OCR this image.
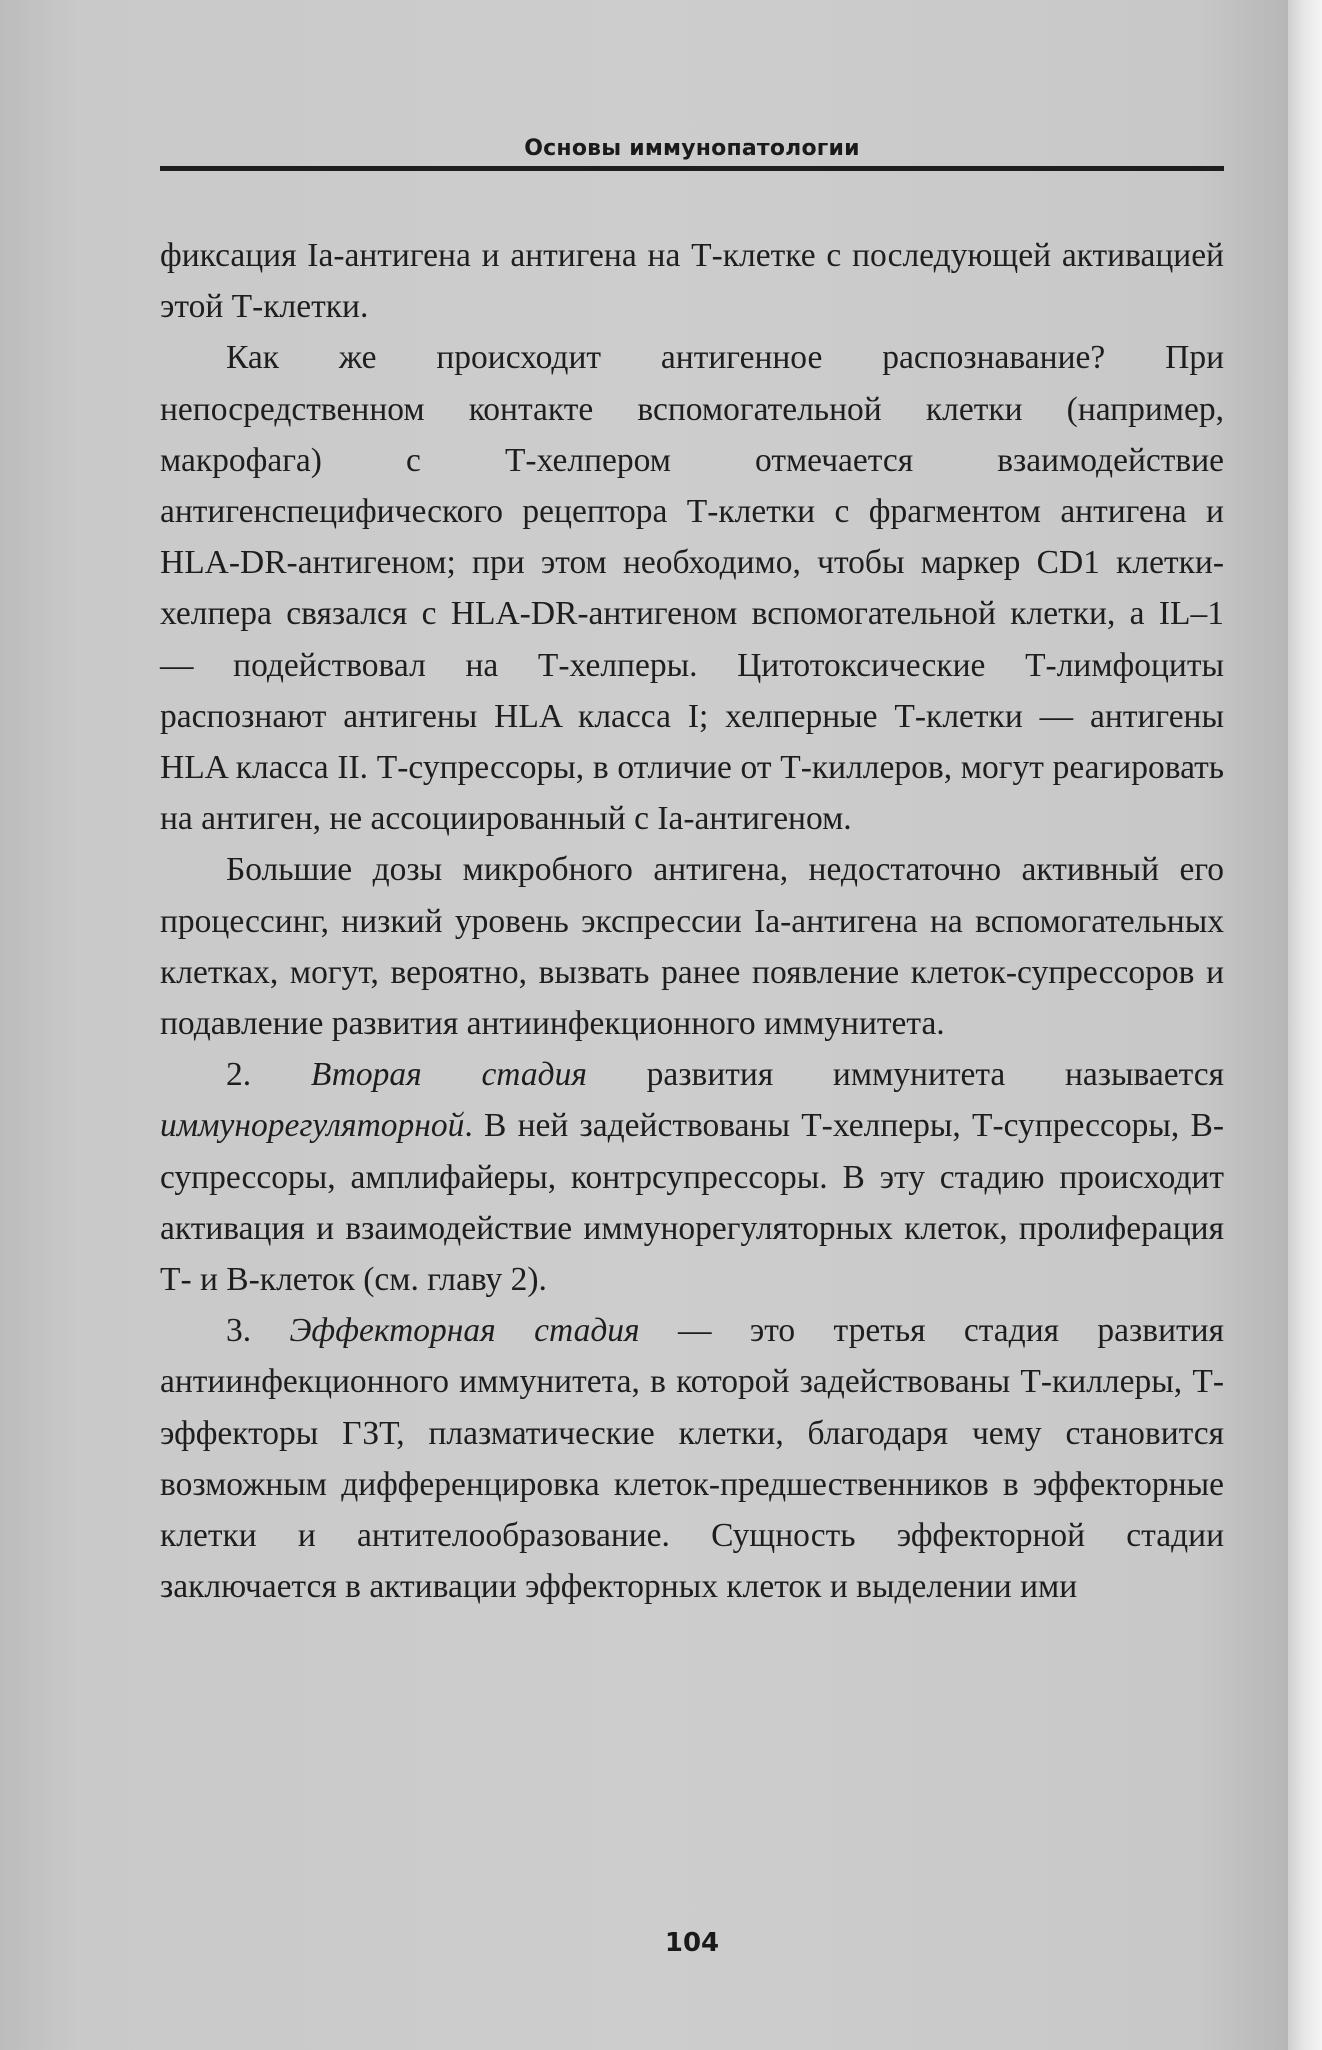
Основы иммунопатологии

фиксация Ia-антигена и антигена на Т-клетке с последующей активацией этой Т-клетки.

Как же происходит антигенное распознавание? При непосредственном контакте вспомогательной клетки (например, макрофага) с Т-хелпером отмечается взаимодействие антигенспецифического рецептора Т-клетки с фрагментом антигена и HLA-DR-антигеном; при этом необходимо, чтобы маркер CD1 клетки-хелпера связался с HLA-DR-антигеном вспомогательной клетки, а IL–1 — подействовал на Т-хелперы. Цитотоксические Т-лимфоциты распознают антигены HLA класса I; хелперные Т-клетки — антигены HLA класса II. Т-супрессоры, в отличие от Т-киллеров, могут реагировать на антиген, не ассоциированный с Ia-антигеном.

Большие дозы микробного антигена, недостаточно активный его процессинг, низкий уровень экспрессии Ia-антигена на вспомогательных клетках, могут, вероятно, вызвать ранее появление клеток-супрессоров и подавление развития антиинфекционного иммунитета.

2. Вторая стадия развития иммунитета называется иммунорегуляторной. В ней задействованы Т-хелперы, Т-супрессоры, В-супрессоры, амплифайеры, контрсупрессоры. В эту стадию происходит активация и взаимодействие иммунорегуляторных клеток, пролиферация Т- и В-клеток (см. главу 2).

3. Эффекторная стадия — это третья стадия развития антиинфекционного иммунитета, в которой задействованы Т-киллеры, Т-эффекторы ГЗТ, плазматические клетки, благодаря чему становится возможным дифференцировка клеток-предшественников в эффекторные клетки и антителообразование. Сущность эффекторной стадии заключается в активации эффекторных клеток и выделении ими

104
